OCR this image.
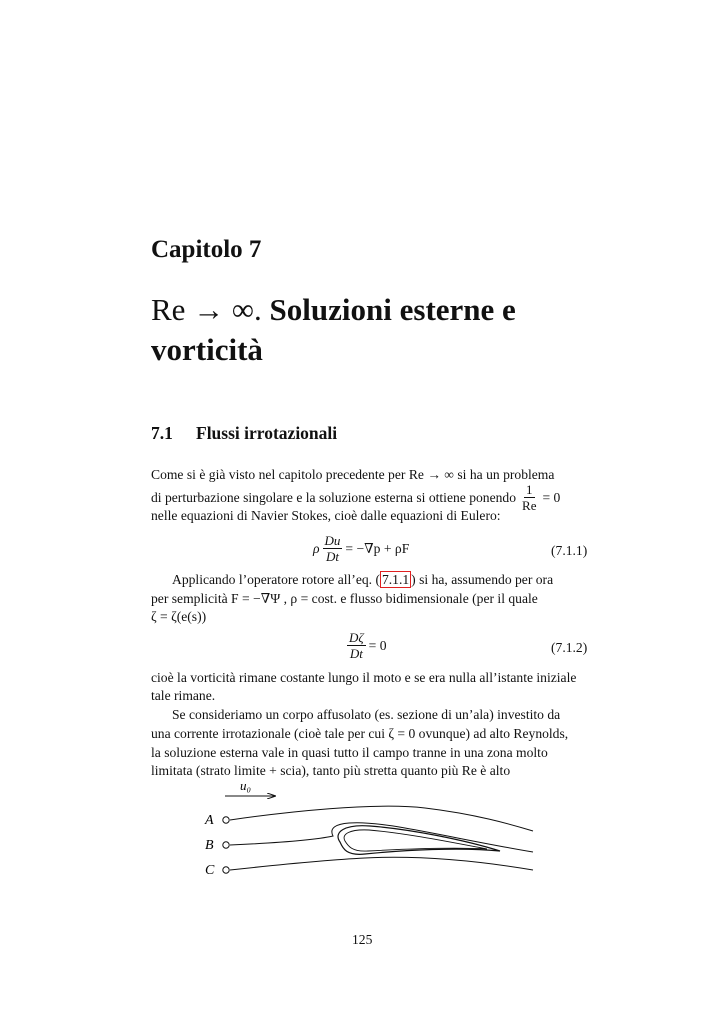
Capitolo 7
Re → ∞. Soluzioni esterne e
vorticità
7.1 Flussi irrotazionali
Come si è già visto nel capitolo precedente per Re → ∞ si ha un problema
di perturbazione singolare e la soluzione esterna si ottiene ponendo $\frac{1}{Re} = 0$
nelle equazioni di Navier Stokes, cioè dalle equazioni di Eulero:
ρ $\frac{Du}{Dt} = -\nabla p + \rho F$	(7.1.1)
Applicando l’operatore rotore all’eq. ( 7.1.1 ) si ha, assumendo per ora
per semplicità F = −∇Ψ , ρ = cost. e flusso bidimensionale (per il quale
ζ = ζ(e(s))
$\frac{D\zeta}{Dt} = 0$	(7.1.2)
cioè la vorticità rimane costante lungo il moto e se era nulla all’istante iniziale
tale rimane.
Se consideriamo un corpo affusolato (es. sezione di un’ala) investito da
una corrente irrotazionale (cioè tale per cui ζ = 0 ovunque) ad alto Reynolds,
la soluzione esterna vale in quasi tutto il campo tranne in una zona molto
limitata (strato limite + scia), tanto più stretta quanto più Re è alto
u₀
A
B
C
125
